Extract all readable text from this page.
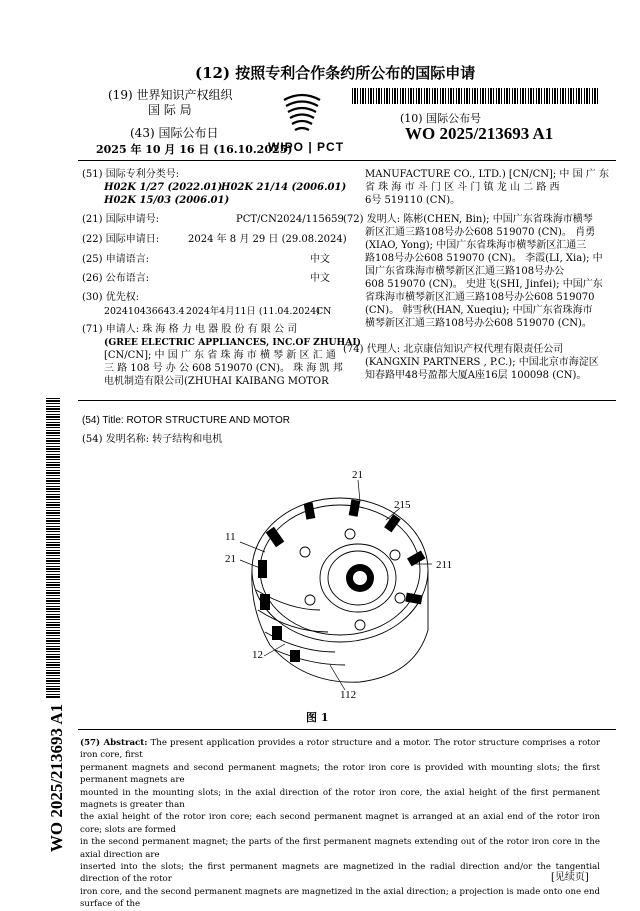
(12) 按照专利合作条约所公布的国际申请
(19) 世界知识产权组织
国 际 局
(43) 国际公布日
2025 年 10 月 16 日 (16.10.2025)
WIPO | PCT
(10) 国际公布号
WO 2025/213693 A1
WO 2025/213693 A1
(51) 国际专利分类号:
H02K 1/27 (2022.01)
H02K 21/14 (2006.01)
H02K 15/03 (2006.01)
(21) 国际申请号:	PCT/CN2024/115659
(22) 国际申请日:	2024 年 8 月 29 日 (29.08.2024)
(25) 申请语言:	中文
(26) 公布语言:	中文
(30) 优先权:
202410436643.4 2024年4月11日 (11.04.2024)
CN
(71) 申请人: 珠 海 格 力 电 器 股 份 有 限 公 司
(GREE ELECTRIC APPLIANCES, INC.OF ZHUHAI)
[CN/CN]; 中 国 广 东 省 珠 海 市 横 琴 新 区 汇 通
三 路 108 号 办 公 608 519070 (CN)。 珠 海 凯 邦
电机制造有限公司(ZHUHAI KAIBANG MOTOR
MANUFACTURE CO., LTD.) [CN/CN]; 中 国 广 东
省 珠 海 市 斗 门 区 斗 门 镇 龙 山 二 路 西
6号 519110 (CN)。
(72) 发明人: 陈彬(CHEN, Bin); 中国广东省珠海市横琴
新区汇通三路108号办公608 519070 (CN)。 肖勇
(XIAO, Yong); 中国广东省珠海市横琴新区汇通三
路108号办公608 519070 (CN)。 李霞(LI, Xia); 中
国广东省珠海市横琴新区汇通三路108号办公
608 519070 (CN)。 史进飞(SHI, Jinfei); 中国广东
省珠海市横琴新区汇通三路108号办公608 519070
(CN)。 韩雪秋(HAN, Xueqiu); 中国广东省珠海市
横琴新区汇通三路108号办公608 519070 (CN)。
(74) 代理人: 北京康信知识产权代理有限责任公司
(KANGXIN PARTNERS , P.C.); 中国北京市海淀区
知春路甲48号盈都大厦A座16层 100098 (CN)。
(54) Title: ROTOR STRUCTURE AND MOTOR
(54) 发明名称: 转子结构和电机
21
215
11
21	211
12
112
图 1
(57) Abstract: The present application provides a rotor structure and a motor. The rotor structure comprises a rotor iron core, first
permanent magnets and second permanent magnets; the rotor iron core is provided with mounting slots; the first permanent magnets are
mounted in the mounting slots; in the axial direction of the rotor iron core, the axial height of the first permanent magnets is greater than
the axial height of the rotor iron core; each second permanent magnet is arranged at an axial end of the rotor iron core; slots are formed
in the second permanent magnet; the parts of the first permanent magnets extending out of the rotor iron core in the axial direction are
inserted into the slots; the first permanent magnets are magnetized in the radial direction and/or the tangential direction of the rotor
iron core, and the second permanent magnets are magnetized in the axial direction; a projection is made onto one end surface of the
[见续页]
